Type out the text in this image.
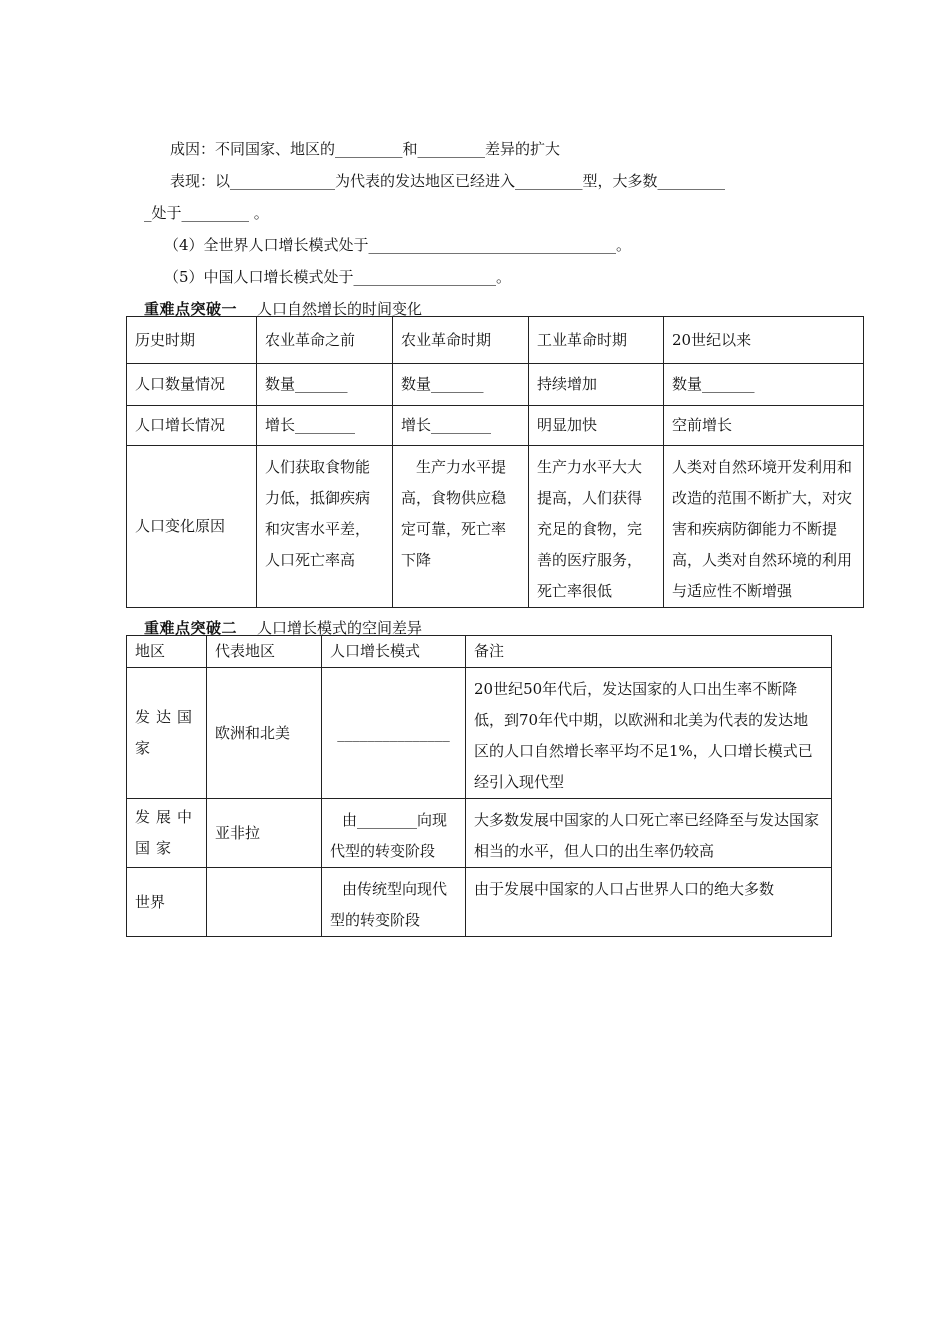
成因：不同国家、地区的_________和_________差异的扩大
表现：以______________为代表的发达地区已经进入_________型，大多数_________
_处于_________ 。
（4）全世界人口增长模式处于_________________________________。
（5）中国人口增长模式处于___________________。
重难点突破一 人口自然增长的时间变化
历史时期	农业革命之前	农业革命时期	工业革命时期	20世纪以来
人口数量情况	数量_______	数量_______	持续增加	数量_______
人口增长情况	增长________	增长________	明显加快	空前增长
人口变化原因	人们获取食物能力低，抵御疾病和灾害水平差，人口死亡率高	生产力水平提高，食物供应稳定可靠，死亡率下降	生产力水平大大提高，人们获得充足的食物，完善的医疗服务，死亡率很低	人类对自然环境开发利用和改造的范围不断扩大，对灾害和疾病防御能力不断提高，人类对自然环境的利用与适应性不断增强
重难点突破二 人口增长模式的空间差异
地区	代表地区	人口增长模式	备注
发达国家	欧洲和北美	_______________	20世纪50年代后，发达国家的人口出生率不断降低，到70年代中期，以欧洲和北美为代表的发达地区的人口自然增长率平均不足1%，人口增长模式已经引入现代型
发展中国家	亚非拉	由________向现代型的转变阶段	大多数发展中国家的人口死亡率已经降至与发达国家相当的水平，但人口的出生率仍较高
世界		由传统型向现代型的转变阶段	由于发展中国家的人口占世界人口的绝大多数
